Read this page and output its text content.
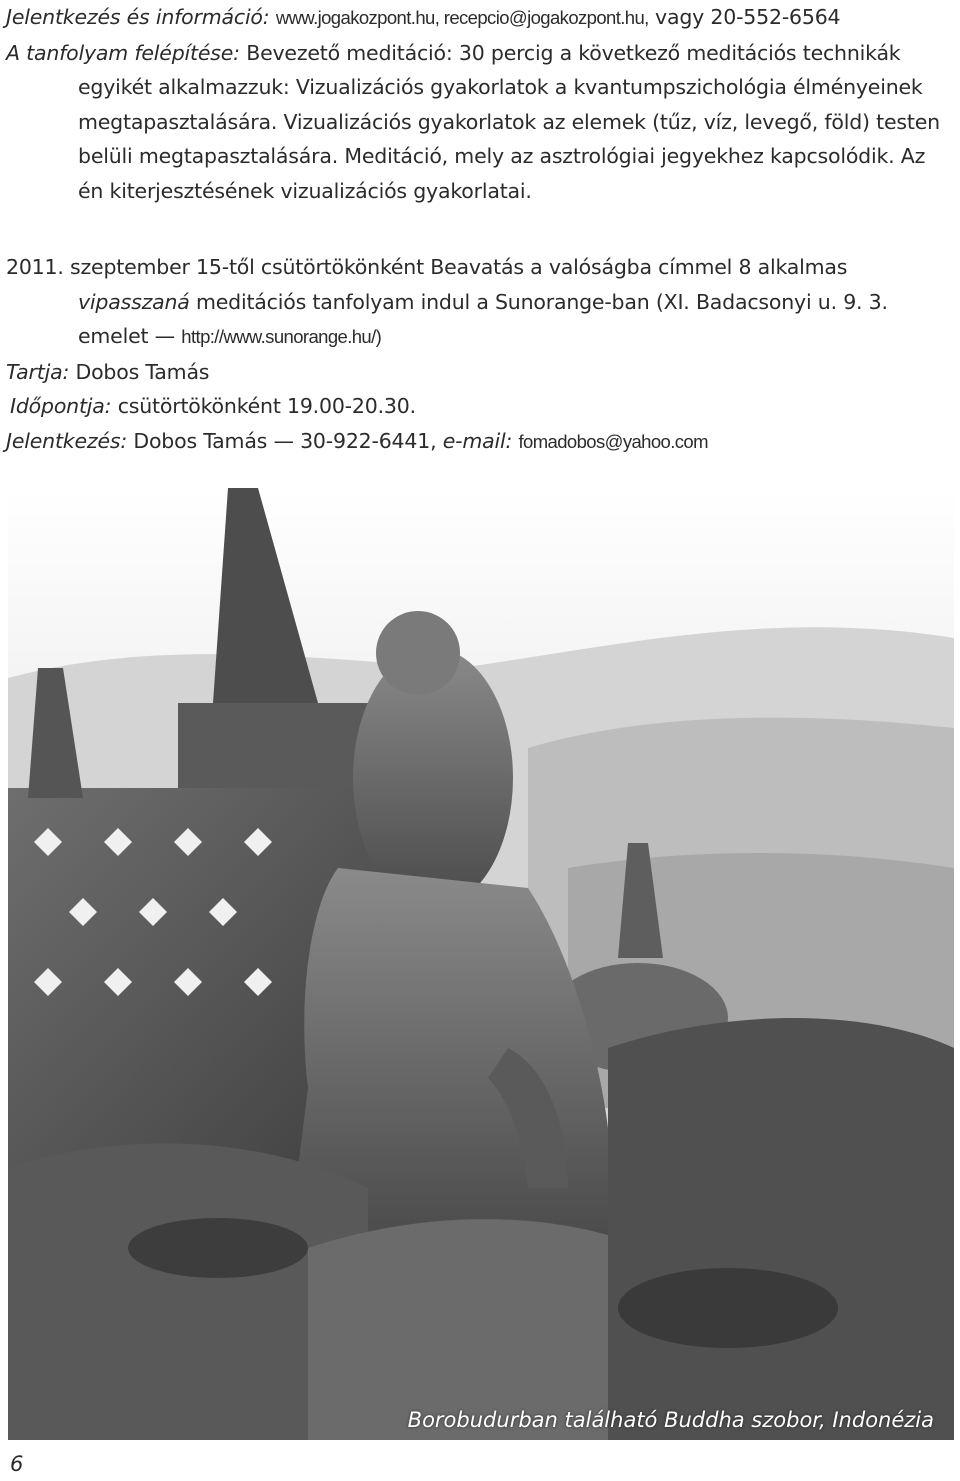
Jelentkezés és információ: www.jogakozpont.hu, recepcio@jogakozpont.hu, vagy 20-552-6564

A tanfolyam felépítése: Bevezető meditáció: 30 percig a következő meditációs technikák egyikét alkalmazzuk: Vizualizációs gyakorlatok a kvantumpszichológia élményeinek megtapasztalására. Vizualizációs gyakorlatok az elemek (tűz, víz, levegő, föld) testen belüli megtapasztalására. Meditáció, mely az asztrológiai jegyekhez kapcsolódik. Az én kiterjesztésének vizualizációs gyakorlatai.

2011. szeptember 15-től csütörtökönként Beavatás a valóságba címmel 8 alkalmas vipasszaná meditációs tanfolyam indul a Sunorange-ban (XI. Badacsonyi u. 9. 3. emelet — http://www.sunorange.hu/)

Tartja: Dobos Tamás

Időpontja: csütörtökönként 19.00-20.30.

Jelentkezés: Dobos Tamás — 30-922-6441, e-mail: fomadobos@yahoo.com

Borobudurban található Buddha szobor, Indonézia
6
